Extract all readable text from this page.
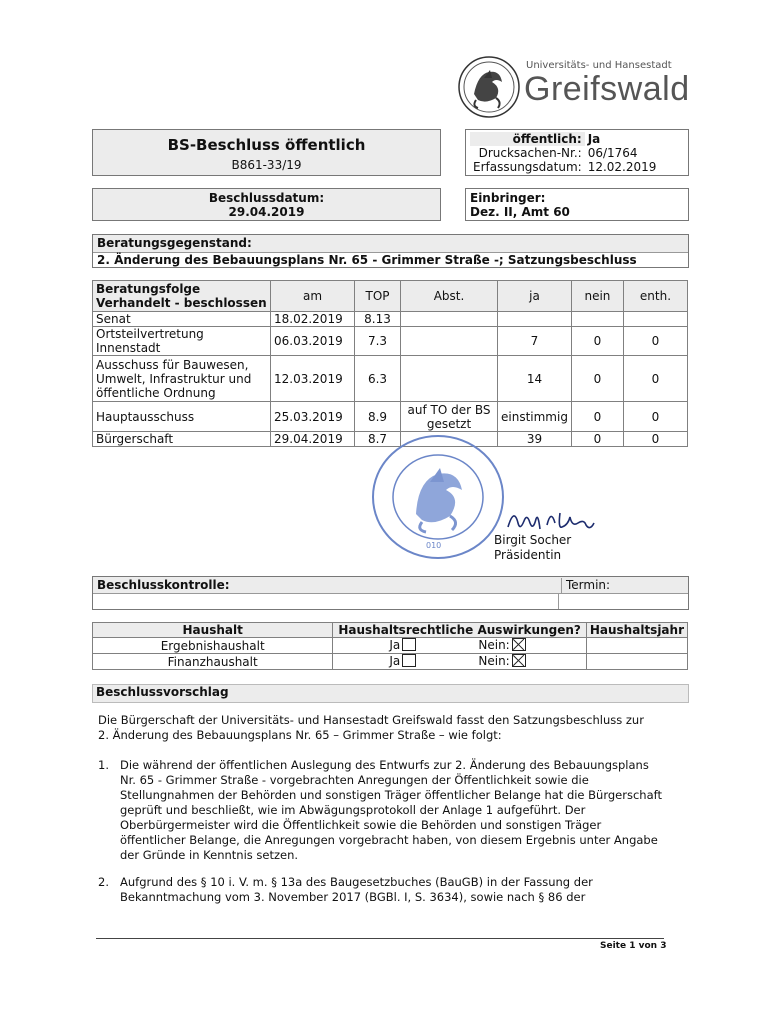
Universitäts- und Hansestadt
Greifswald
BS-Beschluss öffentlich
B861-33/19
öffentlich:	Ja
Drucksachen-Nr.:	06/1764
Erfassungsdatum:	12.02.2019
Beschlussdatum:
29.04.2019
Einbringer:
Dez. II, Amt 60
Beratungsgegenstand:
2. Änderung des Bebauungsplans Nr. 65 - Grimmer Straße -; Satzungsbeschluss
Beratungsfolge
Verhandelt - beschlossen	am	TOP	Abst.	ja	nein	enth.
Senat	18.02.2019	8.13				
Ortsteilvertretung Innenstadt	06.03.2019	7.3		7	0	0
Ausschuss für Bauwesen, Umwelt, Infrastruktur und öffentliche Ordnung	12.03.2019	6.3		14	0	0
Hauptausschuss	25.03.2019	8.9	auf TO der BS gesetzt	einstimmig	0	0
Bürgerschaft	29.04.2019	8.7		39	0	0
010	Birgit Socher
Präsidentin
Beschlusskontrolle:	Termin:
Haushalt	Haushaltsrechtliche Auswirkungen?	Haushaltsjahr
Ergebnishaushalt	Ja Nein:	

Finanzhaushalt	Ja Nein:	

Beschlussvorschlag
Die Bürgerschaft der Universitäts- und Hansestadt Greifswald fasst den Satzungsbeschluss zur
2. Änderung des Bebauungsplans Nr. 65 – Grimmer Straße – wie folgt:
1. Die während der öffentlichen Auslegung des Entwurfs zur 2. Änderung des Bebauungsplans
Nr. 65 - Grimmer Straße - vorgebrachten Anregungen der Öffentlichkeit sowie die
Stellungnahmen der Behörden und sonstigen Träger öffentlicher Belange hat die Bürgerschaft
geprüft und beschließt, wie im Abwägungsprotokoll der Anlage 1 aufgeführt. Der
Oberbürgermeister wird die Öffentlichkeit sowie die Behörden und sonstigen Träger
öffentlicher Belange, die Anregungen vorgebracht haben, von diesem Ergebnis unter Angabe
der Gründe in Kenntnis setzen.
2. Aufgrund des § 10 i. V. m. § 13a des Baugesetzbuches (BauGB) in der Fassung der
Bekanntmachung vom 3. November 2017 (BGBl. I, S. 3634), sowie nach § 86 der
Seite 1 von 3
